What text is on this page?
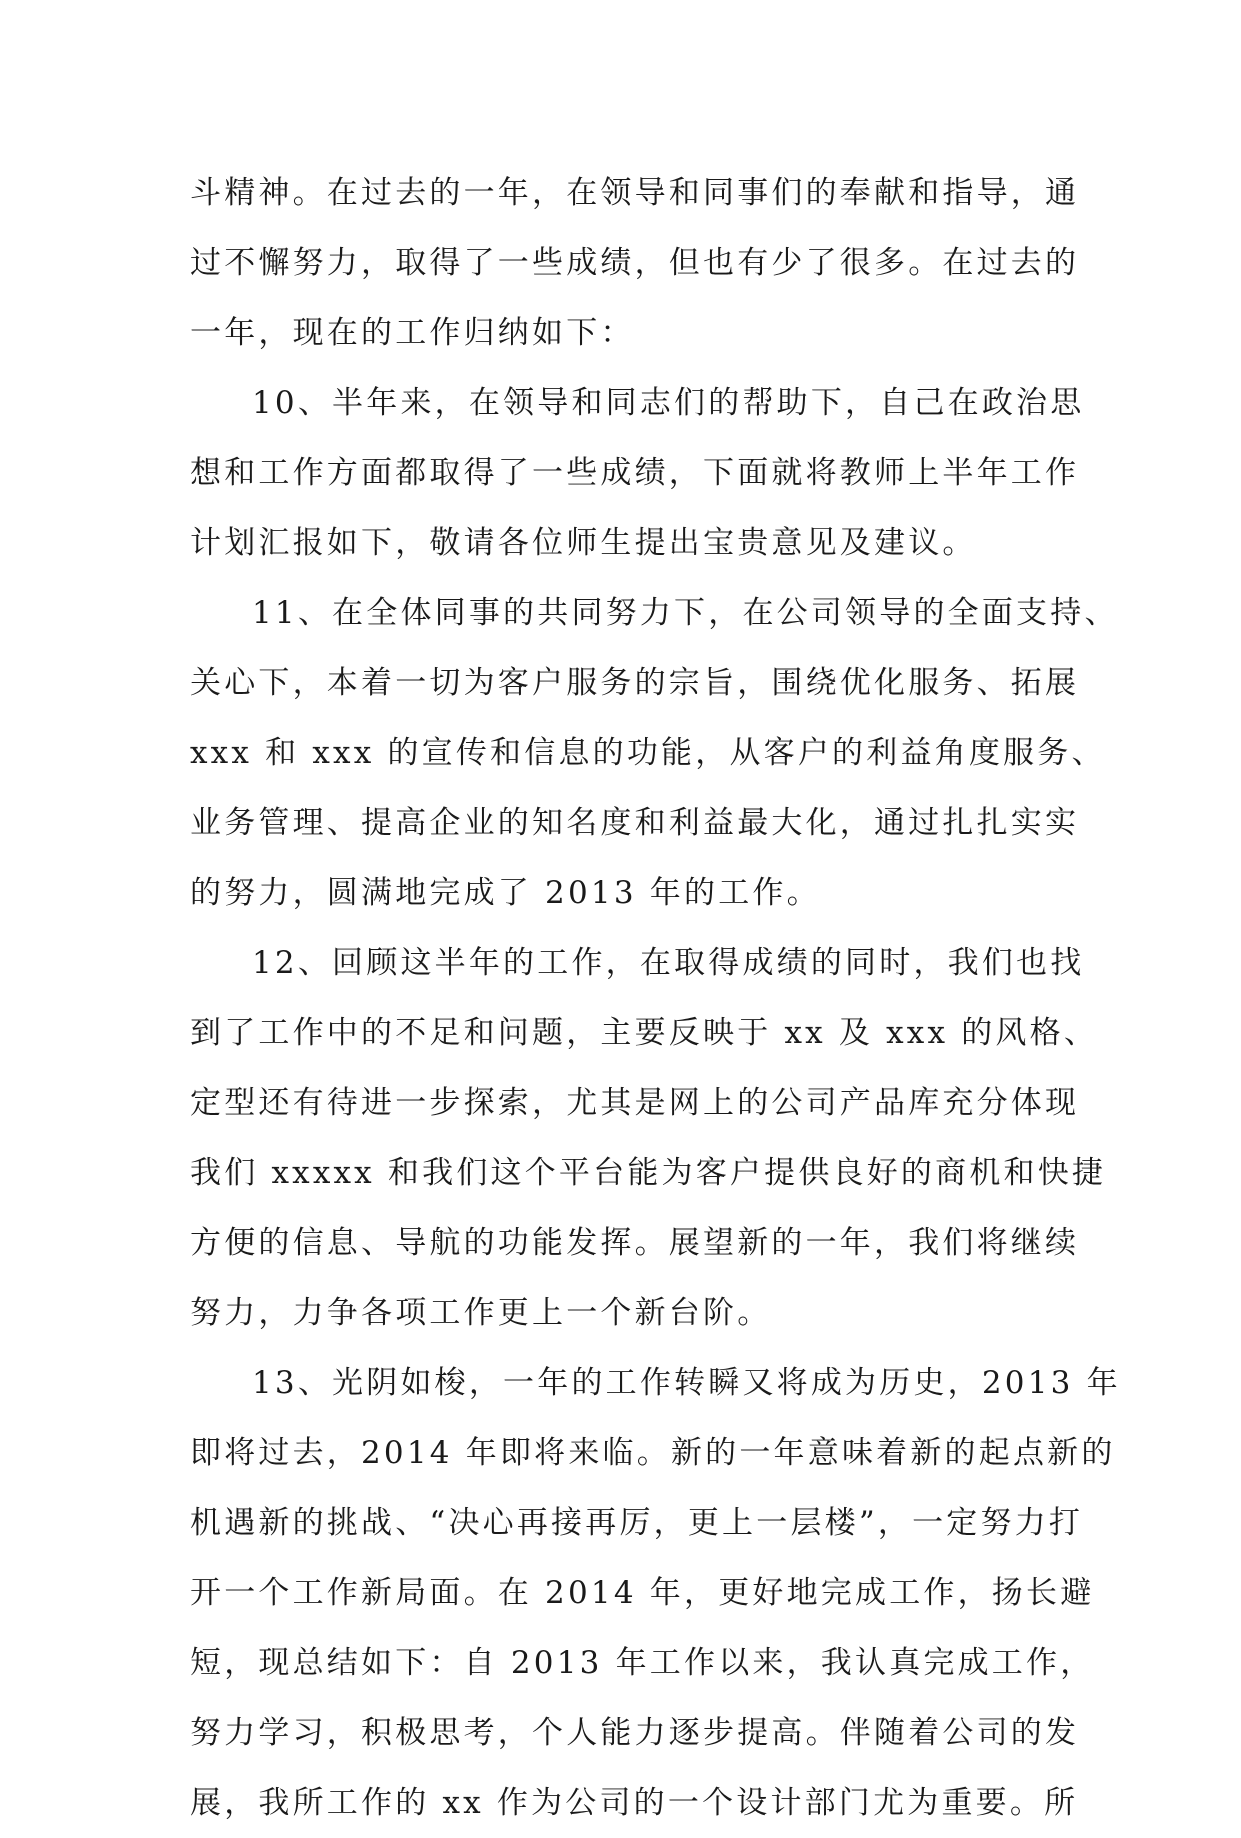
斗精神。在过去的一年，在领导和同事们的奉献和指导，通
过不懈努力，取得了一些成绩，但也有少了很多。在过去的
一年，现在的工作归纳如下：
10、半年来，在领导和同志们的帮助下，自己在政治思
想和工作方面都取得了一些成绩，下面就将教师上半年工作
计划汇报如下，敬请各位师生提出宝贵意见及建议。
11、在全体同事的共同努力下，在公司领导的全面支持、
关心下，本着一切为客户服务的宗旨，围绕优化服务、拓展
xxx 和 xxx 的宣传和信息的功能，从客户的利益角度服务、
业务管理、提高企业的知名度和利益最大化，通过扎扎实实
的努力，圆满地完成了 2013 年的工作。
12、回顾这半年的工作，在取得成绩的同时，我们也找
到了工作中的不足和问题，主要反映于 xx 及 xxx 的风格、
定型还有待进一步探索，尤其是网上的公司产品库充分体现
我们 xxxxx 和我们这个平台能为客户提供良好的商机和快捷
方便的信息、导航的功能发挥。展望新的一年，我们将继续
努力，力争各项工作更上一个新台阶。
13、光阴如梭，一年的工作转瞬又将成为历史，2013 年
即将过去，2014 年即将来临。新的一年意味着新的起点新的
机遇新的挑战、“决心再接再厉，更上一层楼”，一定努力打
开一个工作新局面。在 2014 年，更好地完成工作，扬长避
短，现总结如下：自 2013 年工作以来，我认真完成工作，
努力学习，积极思考，个人能力逐步提高。伴随着公司的发
展，我所工作的 xx 作为公司的一个设计部门尤为重要。所
